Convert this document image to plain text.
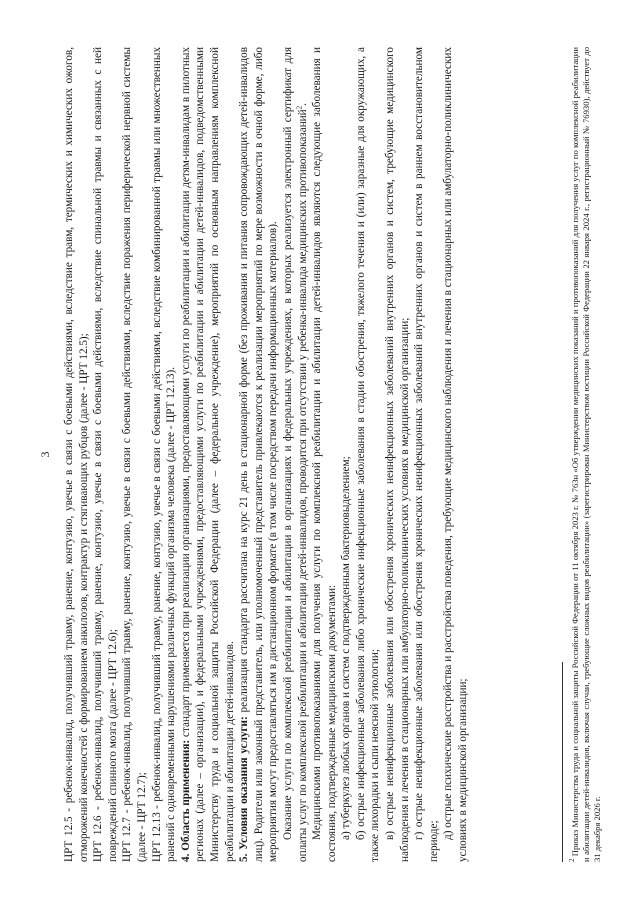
3 ЦРТ 12.5 - ребенок-инвалид, получивший травму, ранение, контузию, увечье в связи с боевыми действиями, вследствие травм, термических и химических ожогов, отморожений конечностей с формированием анкилозов, контрактур и стягивающих рубцов (далее - ЦРТ 12.5); ЦРТ 12.6 - ребенок-инвалид, получивший травму, ранение, контузию, увечье в связи с боевыми действиями, вследствие спинальной травмы и связанных с ней повреждений спинного мозга (далее - ЦРТ 12.6); ЦРТ 12.7 - ребенок-инвалид, получивший травму, ранение, контузию, увечье в связи с боевыми действиями, вследствие поражения периферической нервной системы (далее - ЦРТ 12.7); ЦРТ 12.13 - ребенок-инвалид, получивший травму, ранение, контузию, увечье в связи с боевыми действиями, вследствие комбинированной травмы или множественных ранений с одновременными нарушениями различных функций организма человека (далее - ЦРТ 12.13). 4. Область применения: стандарт применяется при реализации организациями, предоставляющими услуги по реабилитации и абилитации детям-инвалидам в пилотных регионах (далее – организации), и федеральными учреждениями, предоставляющими услуги по реабилитации и абилитации детей-инвалидов, подведомственными Министерству труда и социальной защиты Российской Федерации (далее – федеральное учреждение), мероприятий по основным направлениям комплексной реабилитации и абилитации детей-инвалидов. 5. Условия оказания услуги: реализация стандарта рассчитана на курс 21 день в стационарной форме (без проживания и питания сопровождающих детей-инвалидов лиц). Родители или законный представитель, или уполномоченный представитель привлекаются к реализации мероприятий по мере возможности в очной форме, либо мероприятия могут предоставляться им в дистанционном формате (в том числе посредством передачи информационных материалов). Оказание услуги по комплексной реабилитации и абилитации в организациях и федеральных учреждениях, в которых реализуется электронный сертификат для оплаты услуг по комплексной реабилитации и абилитации детей-инвалидов, проводится при отсутствии у ребенка-инвалида медицинских противопоказаний$^2$. Медицинскими противопоказаниями для получения услуги по комплексной реабилитации и абилитации детей-инвалидов являются следующие заболевания и состояния, подтвержденные медицинскими документами: а) туберкулез любых органов и систем с подтвержденным бактериовыделением; б) острые инфекционные заболевания либо хронические инфекционные заболевания в стадии обострения, тяжелого течения и (или) заразные для окружающих, а также лихорадки и сыпи неясной этиологии; в) острые неинфекционные заболевания или обострения хронических неинфекционных заболеваний внутренних органов и систем, требующие медицинского наблюдения и лечения в стационарных или амбулаторно-поликлинических условиях в медицинской организации; г) острые неинфекционные заболевания или обострения хронических неинфекционных заболеваний внутренних органов и систем в раннем восстановительном периоде;

д) острые психические расстройства и расстройства поведения, требующие медицинского наблюдения и лечения в стационарных или амбулаторно-поликлинических условиях в медицинской организации;	$^2$ Приказ Министерства труда и социальной защиты Российской Федерации от 11 октября 2023 г. № 763н «Об утверждении медицинских показаний и противопоказаний для получения услуг по комплексной реабилитации и абилитации детей-инвалидов, включая случаи, требующие сложных видов реабилитации» (зарегистрирован Министерством юстиции Российской Федерации 22 января 2024 г., регистрационный № 76930), действует до 31 декабря 2026 г.
